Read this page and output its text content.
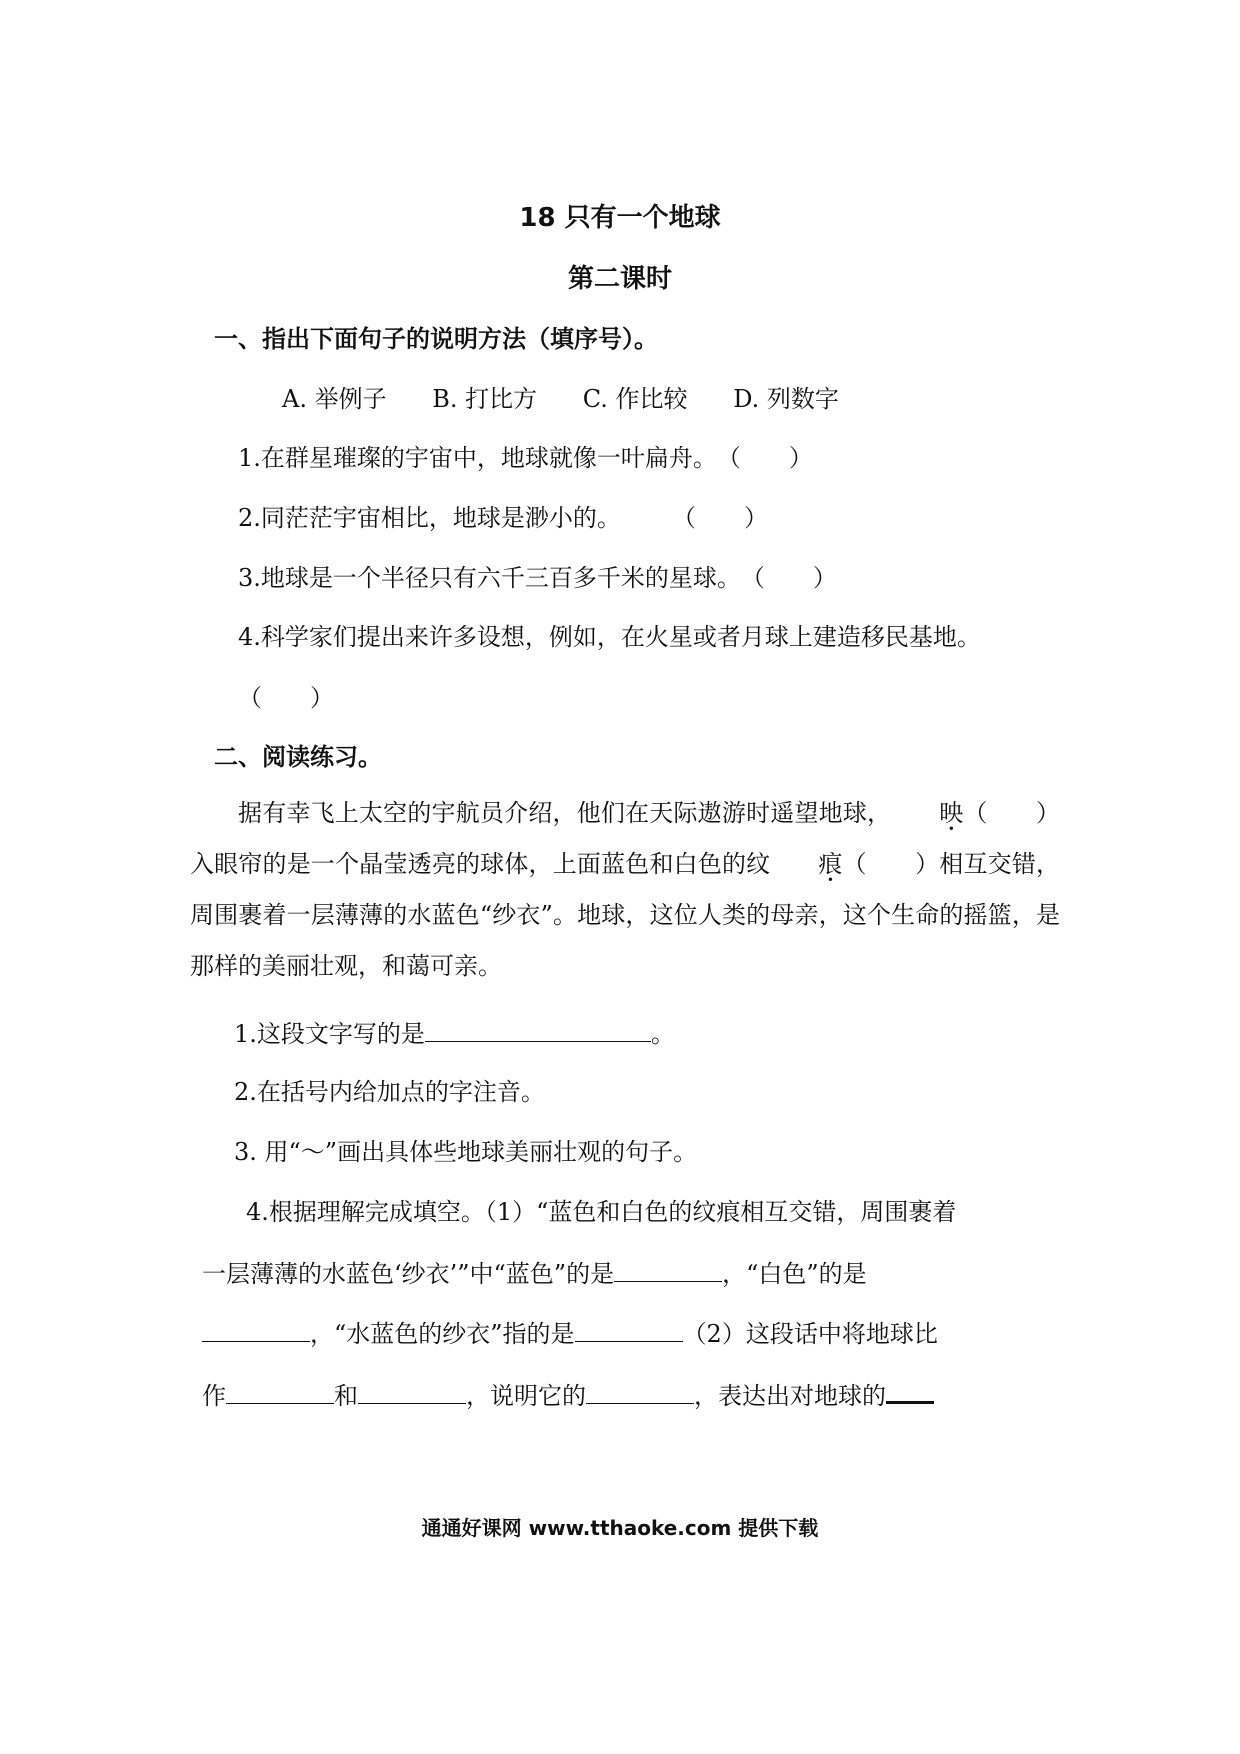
18 只有一个地球
第二课时
一、指出下面句子的说明方法（填序号）。
A. 举例子 B. 打比方 C. 作比较 D. 列数字
1.在群星璀璨的宇宙中，地球就像一叶扁舟。（　　）
2.同茫茫宇宙相比，地球是渺小的。 （　　）
3.地球是一个半径只有六千三百多千米的星球。（　　）
4.科学家们提出来许多设想，例如，在火星或者月球上建造移民基地。
（　　）
二、阅读练习。
据有幸飞上太空的宇航员介绍，他们在天际遨游时遥望地球， 映（　　）入眼帘的是一个晶莹透亮的球体，上面蓝色和白色的纹 痕（　　）相互交错，周围裹着一层薄薄的水蓝色“纱衣”。地球，这位人类的母亲，这个生命的摇篮，是那样的美丽壮观，和蔼可亲。
1.这段文字写的是	。
2.在括号内给加点的字注音。
3. 用“～”画出具体些地球美丽壮观的句子。
4.根据理解完成填空。（1）“蓝色和白色的纹痕相互交错，周围裹着
一层薄薄的水蓝色‘纱衣’”中“蓝色”的是	，“白色”的是
，“水蓝色的纱衣”指的是	（2）这段话中将地球比
作	和	，说明它的	，表达出对地球的
通通好课网 www.tthaoke.com 提供下载
